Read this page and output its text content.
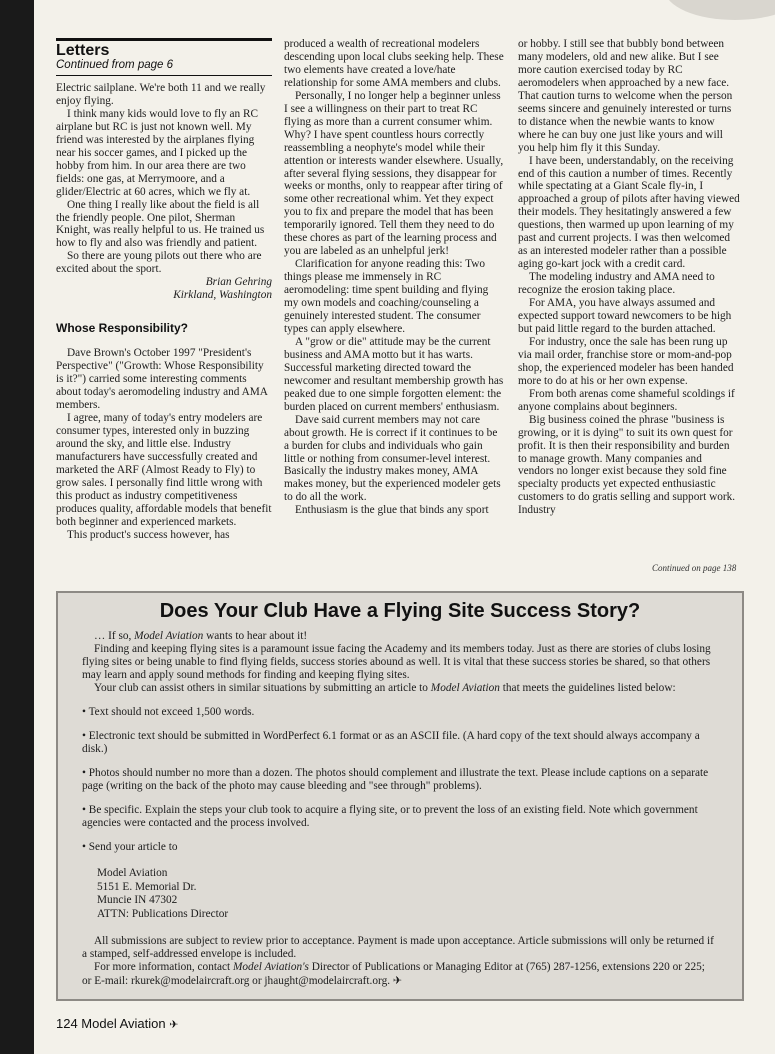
Letters
Continued from page 6

Electric sailplane. We're both 11 and we really enjoy flying.

I think many kids would love to fly an RC airplane but RC is just not known well. My friend was interested by the airplanes flying near his soccer games, and I picked up the hobby from him. In our area there are two fields: one gas, at Merrymoore, and a glider/Electric at 60 acres, which we fly at.

One thing I really like about the field is all the friendly people. One pilot, Sherman Knight, was really helpful to us. He trained us how to fly and also was friendly and patient.

So there are young pilots out there who are excited about the sport.

Brian Gehring
Kirkland, Washington
Whose Responsibility?

Dave Brown's October 1997 "President's Perspective" ("Growth: Whose Responsibility is it?") carried some interesting comments about today's aeromodeling industry and AMA members.

I agree, many of today's entry modelers are consumer types, interested only in buzzing around the sky, and little else. Industry manufacturers have successfully created and marketed the ARF (Almost Ready to Fly) to grow sales. I personally find little wrong with this product as industry competitiveness produces quality, affordable models that benefit both beginner and experienced markets.

This product's success however, has

produced a wealth of recreational modelers descending upon local clubs seeking help. These two elements have created a love/hate relationship for some AMA members and clubs.

Personally, I no longer help a beginner unless I see a willingness on their part to treat RC flying as more than a current consumer whim. Why? I have spent countless hours correctly reassembling a neophyte's model while their attention or interests wander elsewhere. Usually, after several flying sessions, they disappear for weeks or months, only to reappear after tiring of some other recreational whim. Yet they expect you to fix and prepare the model that has been temporarily ignored. Tell them they need to do these chores as part of the learning process and you are labeled as an unhelpful jerk!

Clarification for anyone reading this: Two things please me immensely in RC aeromodeling: time spent building and flying my own models and coaching/counseling a genuinely interested student. The consumer types can apply elsewhere.

A "grow or die" attitude may be the current business and AMA motto but it has warts. Successful marketing directed toward the newcomer and resultant membership growth has peaked due to one simple forgotten element: the burden placed on current members' enthusiasm.

Dave said current members may not care about growth. He is correct if it continues to be a burden for clubs and individuals who gain little or nothing from consumer-level interest. Basically the industry makes money, AMA makes money, but the experienced modeler gets to do all the work.

Enthusiasm is the glue that binds any sport

or hobby. I still see that bubbly bond between many modelers, old and new alike. But I see more caution exercised today by RC aeromodelers when approached by a new face. That caution turns to welcome when the person seems sincere and genuinely interested or turns to distance when the newbie wants to know where he can buy one just like yours and will you help him fly it this Sunday.

I have been, understandably, on the receiving end of this caution a number of times. Recently while spectating at a Giant Scale fly-in, I approached a group of pilots after having viewed their models. They hesitatingly answered a few questions, then warmed up upon learning of my past and current projects. I was then welcomed as an interested modeler rather than a possible aging go-kart jock with a credit card.

The modeling industry and AMA need to recognize the erosion taking place.

For AMA, you have always assumed and expected support toward newcomers to be high but paid little regard to the burden attached.

For industry, once the sale has been rung up via mail order, franchise store or mom-and-pop shop, the experienced modeler has been handed more to do at his or her own expense.

From both arenas come shameful scoldings if anyone complains about beginners.

Big business coined the phrase "business is growing, or it is dying" to suit its own quest for profit. It is then their responsibility and burden to manage growth. Many companies and vendors no longer exist because they sold fine specialty products yet expected enthusiastic customers to do gratis selling and support work. Industry

Continued on page 138
Does Your Club Have a Flying Site Success Story?

… If so, Model Aviation wants to hear about it!

Finding and keeping flying sites is a paramount issue facing the Academy and its members today. Just as there are stories of clubs losing flying sites or being unable to find flying fields, success stories abound as well. It is vital that these success stories be shared, so that others may learn and apply sound methods for finding and keeping flying sites.

Your club can assist others in similar situations by submitting an article to Model Aviation that meets the guidelines listed below:

• Text should not exceed 1,500 words.

• Electronic text should be submitted in WordPerfect 6.1 format or as an ASCII file. (A hard copy of the text should always accompany a disk.)

• Photos should number no more than a dozen. The photos should complement and illustrate the text. Please include captions on a separate page (writing on the back of the photo may cause bleeding and "see through" problems).

• Be specific. Explain the steps your club took to acquire a flying site, or to prevent the loss of an existing field. Note which government agencies were contacted and the process involved.

• Send your article to

Model Aviation
5151 E. Memorial Dr.
Muncie IN 47302
ATTN: Publications Director

All submissions are subject to review prior to acceptance. Payment is made upon acceptance. Article submissions will only be returned if a stamped, self-addressed envelope is included.

For more information, contact Model Aviation's Director of Publications or Managing Editor at (765) 287-1256, extensions 220 or 225;

or E-mail: rkurek@modelaircraft.org or jhaught@modelaircraft.org. ✈

124 Model Aviation ✈
